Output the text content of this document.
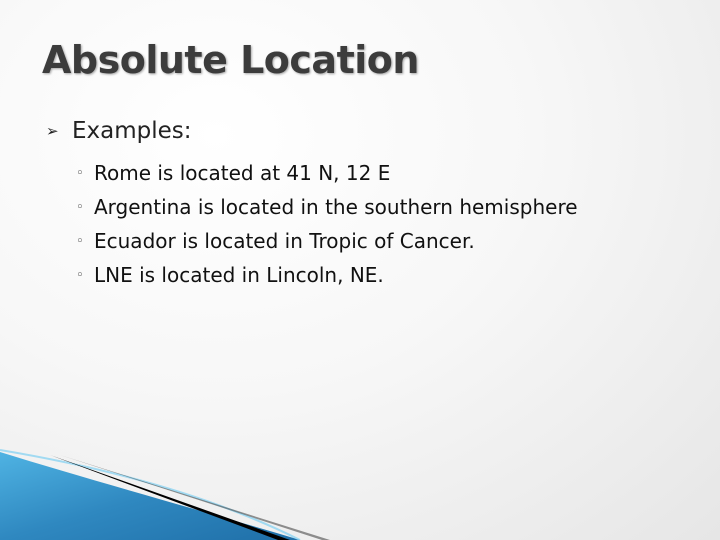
Absolute Location
➢ Examples:
◦ Rome is located at 41 N, 12 E
◦ Argentina is located in the southern hemisphere
◦ Ecuador is located in Tropic of Cancer.
◦ LNE is located in Lincoln, NE.
